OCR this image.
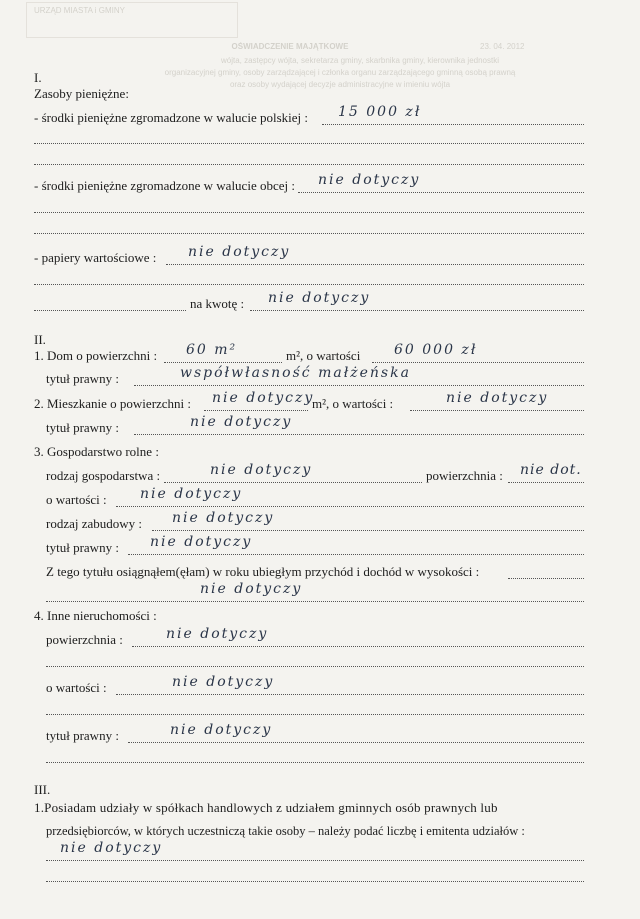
URZĄD MIASTA i GMINY
23. 04. 2012
OŚWIADCZENIE MAJĄTKOWE
wójta, zastępcy wójta, sekretarza gminy, skarbnika gminy, kierownika jednostki
organizacyjnej gminy, osoby zarządzającej i członka organu zarządzającego gminną osobą prawną
oraz osoby wydającej decyzje administracyjne w imieniu wójta
I.
Zasoby pieniężne:
- środki pieniężne zgromadzone w walucie polskiej : 15 000 zł
- środki pieniężne zgromadzone w walucie obcej : nie dotyczy
- papiery wartościowe : nie dotyczy
na kwotę : nie dotyczy
II.
1. Dom o powierzchni : 60 m²	m², o wartości 60 000 zł
tytuł prawny :	współwłasność małżeńska
2. Mieszkanie o powierzchni : nie dotyczy
m², o wartości :	nie dotyczy
tytuł prawny :	nie dotyczy
3. Gospodarstwo rolne :
rodzaj gospodarstwa :	nie dotyczy	powierzchnia : nie dot.
o wartości : nie dotyczy
rodzaj zabudowy : nie dotyczy
tytuł prawny : nie dotyczy
Z tego tytułu osiągnąłem(ęłam) w roku ubiegłym przychód i dochód w wysokości :
nie dotyczy
4. Inne nieruchomości :
powierzchnia :	nie dotyczy
o wartości :	nie dotyczy
tytuł prawny :	nie dotyczy
III.
1.Posiadam udziały w spółkach handlowych z udziałem gminnych osób prawnych lub
przedsiębiorców, w których uczestniczą takie osoby – należy podać liczbę i emitenta udziałów :
nie dotyczy
